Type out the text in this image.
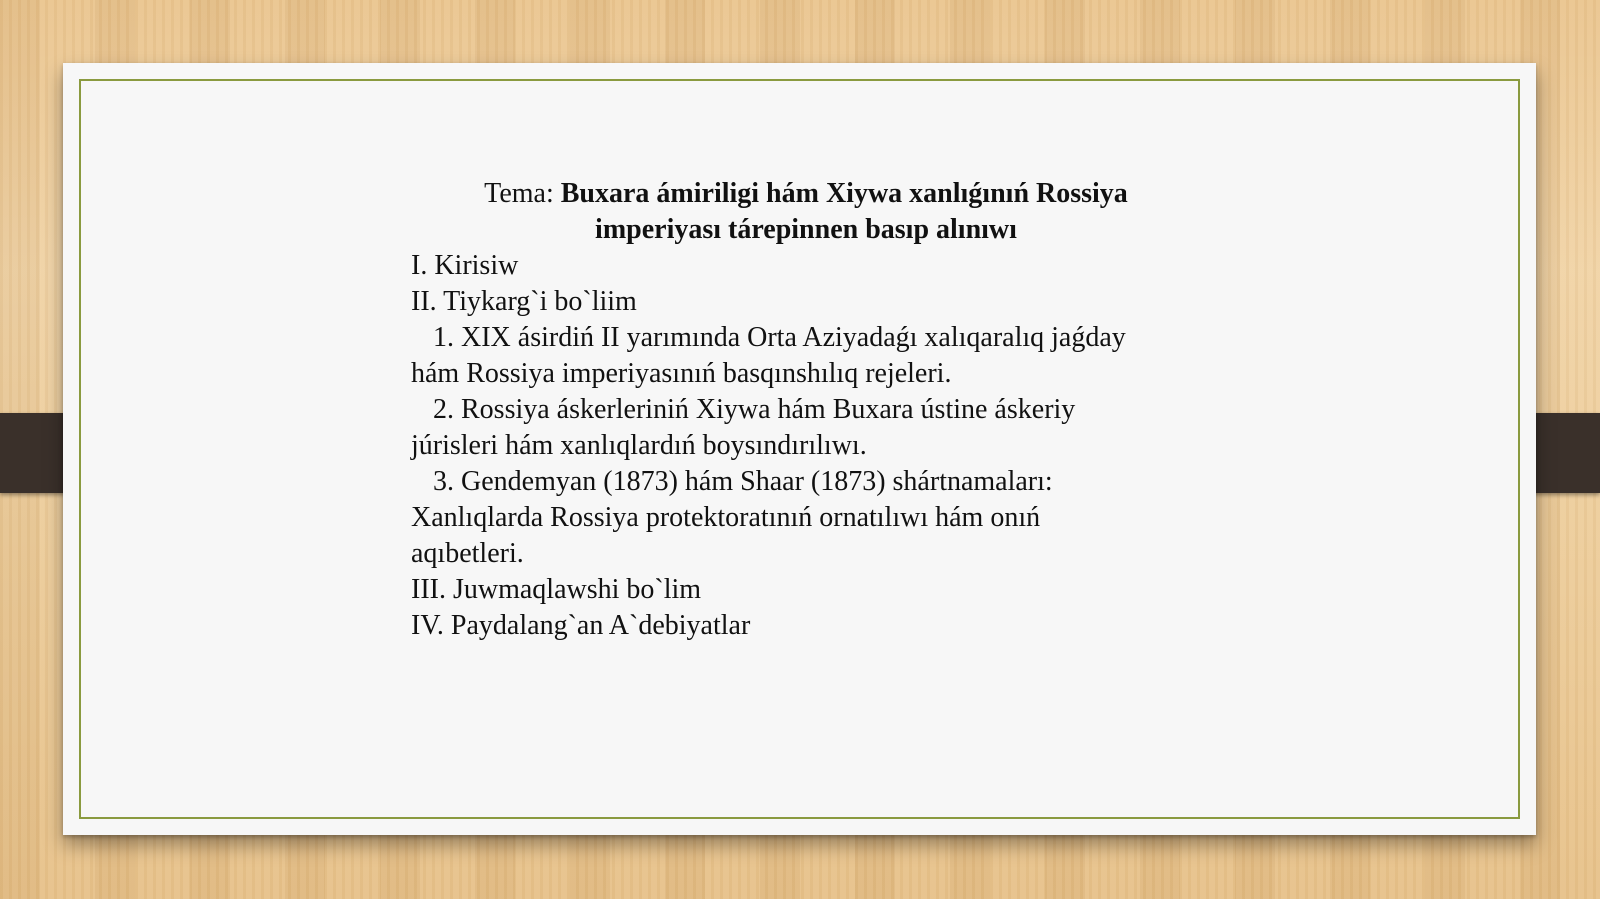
Tema: Buxara ámiriligi hám Xiywa xanlıǵınıń Rossiya
imperiyası tárepinnen basıp alınıwı

I. Kirisiw
II. Tiykarg`i bo`liim
1. XIX ásirdiń II yarımında Orta Aziyadaǵı xalıqaralıq jaǵday
hám Rossiya imperiyasınıń basqınshılıq rejeleri.
2. Rossiya áskerleriniń Xiywa hám Buxara ústine áskeriy
júrisleri hám xanlıqlardıń boysındırılıwı.
3. Gendemyan (1873) hám Shaar (1873) shártnamaları:
Xanlıqlarda Rossiya protektoratınıń ornatılıwı hám onıń
aqıbetleri.
III. Juwmaqlawshi bo`lim
IV. Paydalang`an A`debiyatlar
